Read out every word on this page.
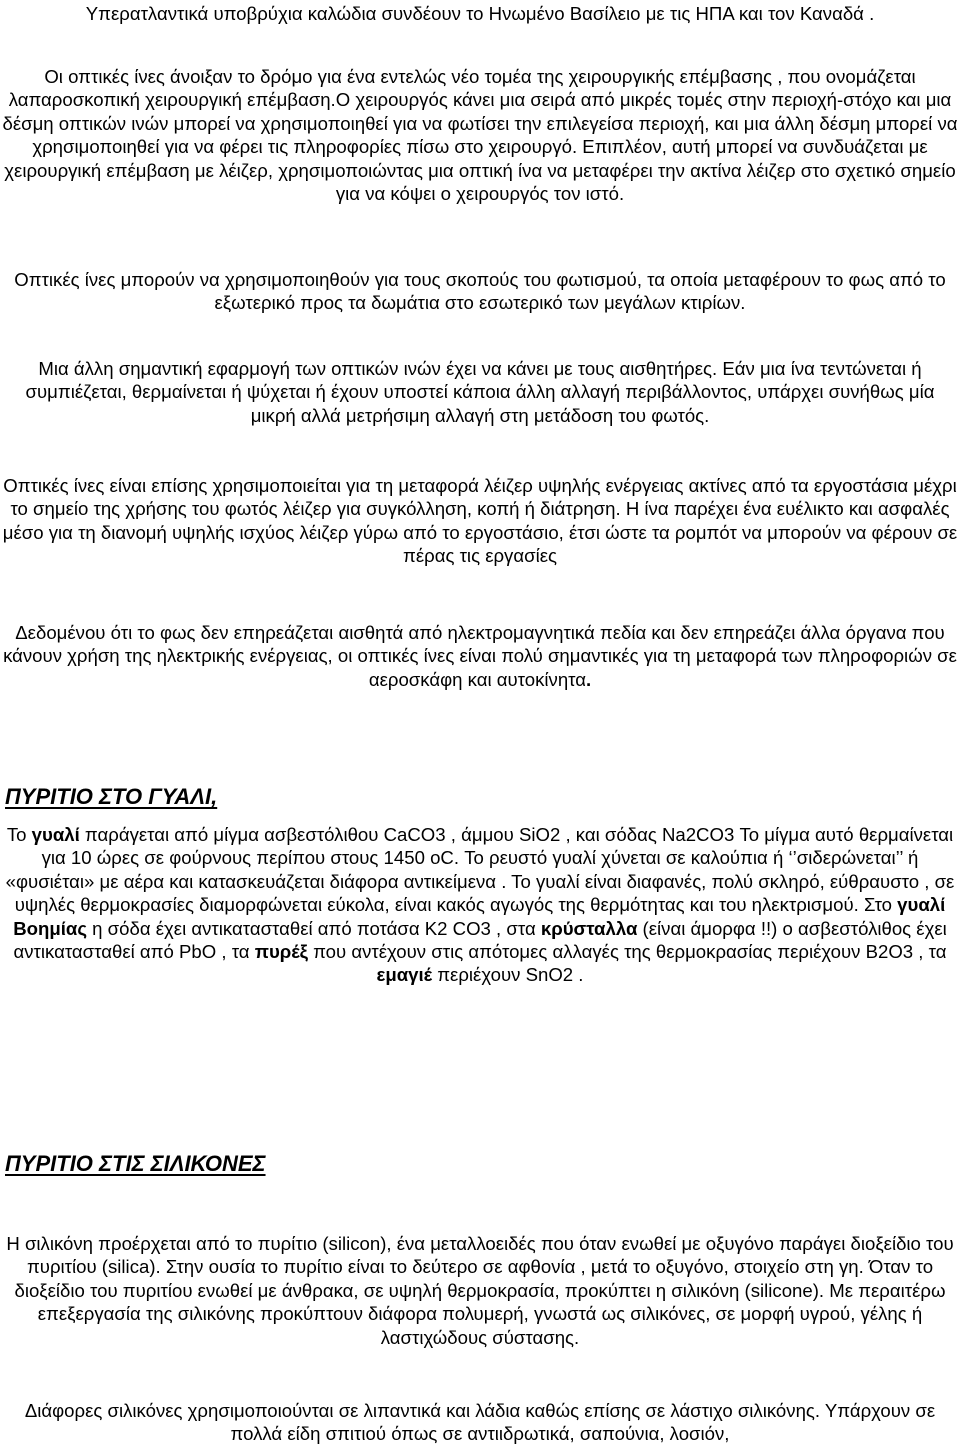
Υπερατλαντικά υποβρύχια καλώδια συνδέουν το Ηνωμένο Βασίλειο με τις ΗΠΑ και τον Καναδά .

Οι οπτικές ίνες άνοιξαν το δρόμο για ένα εντελώς νέο τομέα της χειρουργικής επέμβασης , που ονομάζεται λαπαροσκοπική χειρουργική επέμβαση.Ο χειρουργός κάνει μια σειρά από μικρές τομές στην περιοχή-στόχο και μια δέσμη οπτικών ινών μπορεί να χρησιμοποιηθεί για να φωτίσει την επιλεγείσα περιοχή, και μια άλλη δέσμη μπορεί να χρησιμοποιηθεί για να φέρει τις πληροφορίες πίσω στο χειρουργό. Επιπλέον, αυτή μπορεί να συνδυάζεται με χειρουργική επέμβαση με λέιζερ, χρησιμοποιώντας μια οπτική ίνα να μεταφέρει την ακτίνα λέιζερ στο σχετικό σημείο για να κόψει ο χειρουργός τον ιστό.

Οπτικές ίνες μπορούν να χρησιμοποιηθούν για τους σκοπούς του φωτισμού, τα οποία μεταφέρουν το φως από το εξωτερικό προς τα δωμάτια στο εσωτερικό των μεγάλων κτιρίων.

Μια άλλη σημαντική εφαρμογή των οπτικών ινών έχει να κάνει με τους αισθητήρες. Εάν μια ίνα τεντώνεται ή συμπιέζεται, θερμαίνεται ή ψύχεται ή έχουν υποστεί κάποια άλλη αλλαγή περιβάλλοντος, υπάρχει συνήθως μία μικρή αλλά μετρήσιμη αλλαγή στη μετάδοση του φωτός.

Οπτικές ίνες είναι επίσης χρησιμοποιείται για τη μεταφορά λέιζερ υψηλής ενέργειας ακτίνες από τα εργοστάσια μέχρι το σημείο της χρήσης του φωτός λέιζερ για συγκόλληση, κοπή ή διάτρηση. Η ίνα παρέχει ένα ευέλικτο και ασφαλές μέσο για τη διανομή υψηλής ισχύος λέιζερ γύρω από το εργοστάσιο, έτσι ώστε τα ρομπότ να μπορούν να φέρουν σε πέρας τις εργασίες

Δεδομένου ότι το φως δεν επηρεάζεται αισθητά από ηλεκτρομαγνητικά πεδία και δεν επηρεάζει άλλα όργανα που κάνουν χρήση της ηλεκτρικής ενέργειας, οι οπτικές ίνες είναι πολύ σημαντικές για τη μεταφορά των πληροφοριών σε αεροσκάφη και αυτοκίνητα.

ΠΥΡΙΤΙΟ ΣΤΟ ΓΥΑΛΙ,

Το γυαλί παράγεται από μίγμα ασβεστόλιθου CaCO3 , άμμου SiO2 , και σόδας Na2CO3 Το μίγμα αυτό θερμαίνεται για 10 ώρες σε φούρνους περίπου στους 1450 oC. Το ρευστό γυαλί χύνεται σε καλούπια ή ‘’σιδερώνεται’’ ή «φυσιέται» με αέρα και κατασκευάζεται διάφορα αντικείμενα . Το γυαλί είναι διαφανές, πολύ σκληρό, εύθραυστο , σε υψηλές θερμοκρασίες διαμορφώνεται εύκολα, είναι κακός αγωγός της θερμότητας και του ηλεκτρισμού. Στο γυαλί Βοημίας η σόδα έχει αντικατασταθεί από ποτάσα K2 CO3 , στα κρύσταλλα (είναι άμορφα !!) ο ασβεστόλιθος έχει αντικατασταθεί από PbO , τα πυρέξ που αντέχουν στις απότομες αλλαγές της θερμοκρασίας περιέχουν B2O3 , τα εμαγιέ περιέχουν SnO2 .

ΠΥΡΙΤΙΟ ΣΤΙΣ ΣΙΛΙΚΟΝΕΣ

Η σιλικόνη προέρχεται από το πυρίτιο (silicon), ένα μεταλλοειδές που όταν ενωθεί με οξυγόνο παράγει διοξείδιο του πυριτίου (silica). Στην ουσία το πυρίτιο είναι το δεύτερο σε αφθονία , μετά το οξυγόνο, στοιχείο στη γη. Όταν το διοξείδιο του πυριτίου ενωθεί με άνθρακα, σε υψηλή θερμοκρασία, προκύπτει η σιλικόνη (silicone). Με περαιτέρω επεξεργασία της σιλικόνης προκύπτουν διάφορα πολυμερή, γνωστά ως σιλικόνες, σε μορφή υγρού, γέλης ή λαστιχώδους σύστασης.

Διάφορες σιλικόνες χρησιμοποιούνται σε λιπαντικά και λάδια καθώς επίσης σε λάστιχο σιλικόνης. Υπάρχουν σε πολλά είδη σπιτιού όπως σε αντιιδρωτικά, σαπούνια, λοσιόν,
